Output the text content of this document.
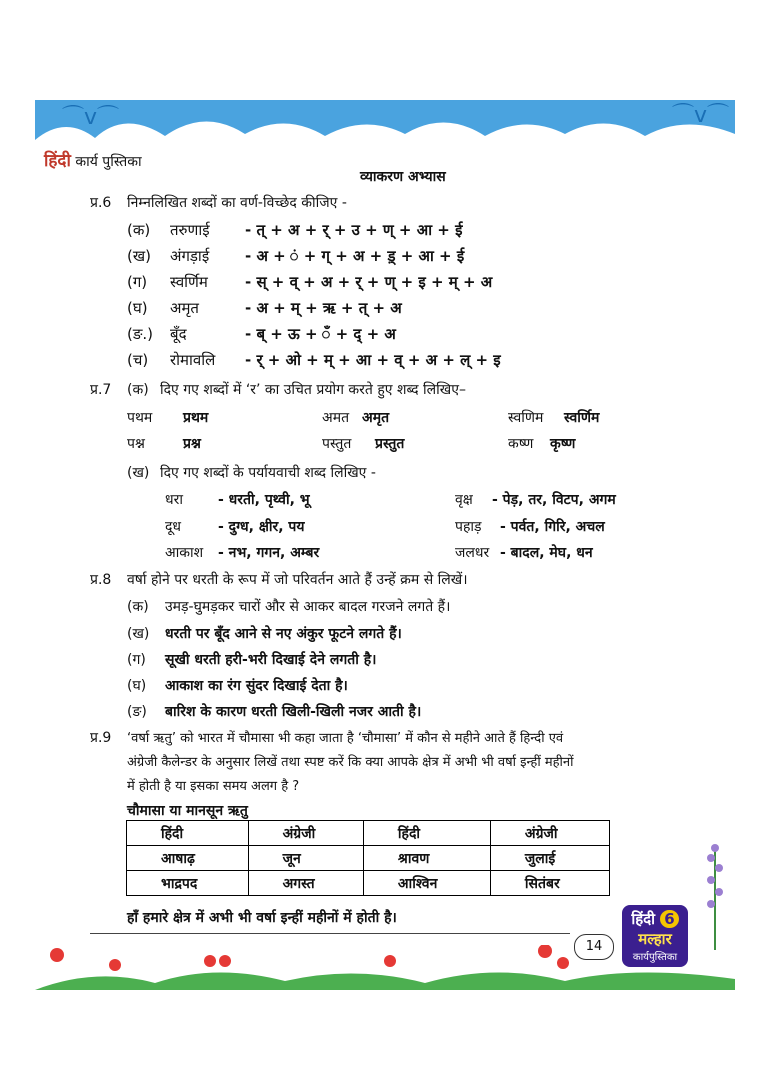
⌒v⌒	⌒v⌒
हिंदी कार्य पुस्तिका
व्याकरण अभ्यास
प्र.6 निम्नलिखित शब्दों का वर्ण-विच्छेद कीजिए -
(क) तरुणाई - त् + अ + र् + उ + ण् + आ + ई
(ख) अंगड़ाई - अ + ं + ग् + अ + ड़् + आ + ई
(ग) स्वर्णिम - स् + व् + अ + र् + ण् + इ + म् + अ
(घ) अमृत	- अ + म् + ऋ + त् + अ
(ङ.) बूँद	- ब् + ऊ + ँ + द् + अ
(च) रोमावलि - र् + ओ + म् + आ + व् + अ + ल् + इ
प्र.7 (क) दिए गए शब्दों में ‘र’ का उचित प्रयोग करते हुए शब्द लिखिए–
पथम प्रथम	अमत अमृत	स्वणिम स्वर्णिम
पश्न	प्रश्न	पस्तुत प्रस्तुत	कष्ण कृष्ण
(ख) दिए गए शब्दों के पर्यायवाची शब्द लिखिए -
धरा	- धरती, पृथ्वी, भू	वृक्ष - पेड़, तर, विटप, अगम
दूध	- दुग्ध, क्षीर, पय	पहाड़ - पर्वत, गिरि, अचल
आकाश - नभ, गगन, अम्बर	जलधर - बादल, मेघ, धन
प्र.8 वर्षा होने पर धरती के रूप में जो परिवर्तन आते हैं उन्हें क्रम से लिखें।
(क) उमड़-घुमड़कर चारों और से आकर बादल गरजने लगते हैं।
(ख) धरती पर बूँद आने से नए अंकुर फूटने लगते हैं।
(ग) सूखी धरती हरी-भरी दिखाई देने लगती है।
(घ) आकाश का रंग सुंदर दिखाई देता है।
(ङ) बारिश के कारण धरती खिली-खिली नजर आती है।
प्र.9 ‘वर्षा ऋतु’ को भारत में चौमासा भी कहा जाता है ‘चौमासा’ में कौन से महीने आते हैं हिन्दी एवं
अंग्रेजी कैलेन्डर के अनुसार लिखें तथा स्पष्ट करें कि क्या आपके क्षेत्र में अभी भी वर्षा इन्हीं महीनों
में होती है या इसका समय अलग है ?
चौमासा या मानसून ऋतु
हिंदी	अंग्रेजी	हिंदी	अंग्रेजी
आषाढ़	जून	श्रावण	जुलाई
भाद्रपद	अगस्त	आश्विन	सितंबर
हाँ हमारे क्षेत्र में अभी भी वर्षा इन्हीं महीनों में होती है।
14
हिंदी 6
मल्हार
कार्यपुस्तिका
